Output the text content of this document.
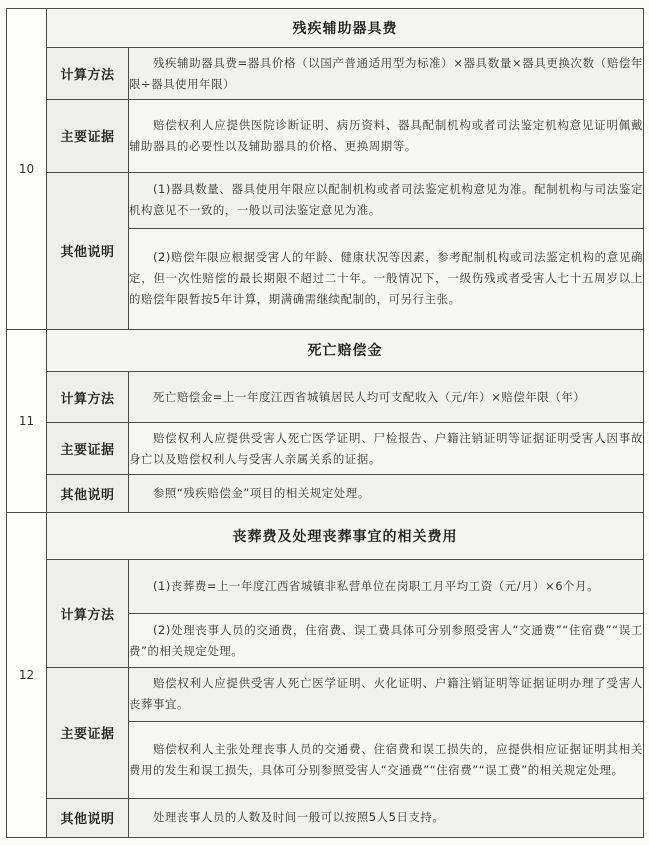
10	残疾辅助器具费	
	计算方法	残疾辅助器具费=器具价格（以国产普通适用型为标准）×器具数量×器具更换次数（赔偿年限÷器具使用年限）

	主要证据	赔偿权利人应提供医院诊断证明、病历资料、器具配制机构或者司法鉴定机构意见证明佩戴辅助器具的必要性以及辅助器具的价格、更换周期等。

	其他说明	(1)器具数量、器具使用年限应以配制机构或者司法鉴定机构意见为准。配制机构与司法鉴定机构意见不一致的，一般以司法鉴定意见为准。

		(2)赔偿年限应根据受害人的年龄、健康状况等因素，参考配制机构或司法鉴定机构的意见确定，但一次性赔偿的最长期限不超过二十年。一般情况下，一级伤残或者受害人七十五周岁以上的赔偿年限暂按5年计算，期满确需继续配制的，可另行主张。

11	死亡赔偿金	
	计算方法	死亡赔偿金=上一年度江西省城镇居民人均可支配收入（元/年）×赔偿年限（年）

	主要证据	赔偿权利人应提供受害人死亡医学证明、尸检报告、户籍注销证明等证据证明受害人因事故身亡以及赔偿权利人与受害人亲属关系的证据。

	其他说明	参照“残疾赔偿金”项目的相关规定处理。

12	丧葬费及处理丧葬事宜的相关费用	
	计算方法	(1)丧葬费=上一年度江西省城镇非私营单位在岗职工月平均工资（元/月）×6个月。

		(2)处理丧事人员的交通费，住宿费、误工费具体可分别参照受害人“交通费”“住宿费”“误工费”的相关规定处理。

	主要证据	赔偿权利人应提供受害人死亡医学证明、火化证明、户籍注销证明等证据证明办理了受害人丧葬事宜。

		赔偿权利人主张处理丧事人员的交通费、住宿费和误工损失的，应提供相应证据证明其相关费用的发生和误工损失，具体可分别参照受害人“交通费”“住宿费”“误工费”的相关规定处理。

	其他说明	处理丧事人员的人数及时间一般可以按照5人5日支持。
